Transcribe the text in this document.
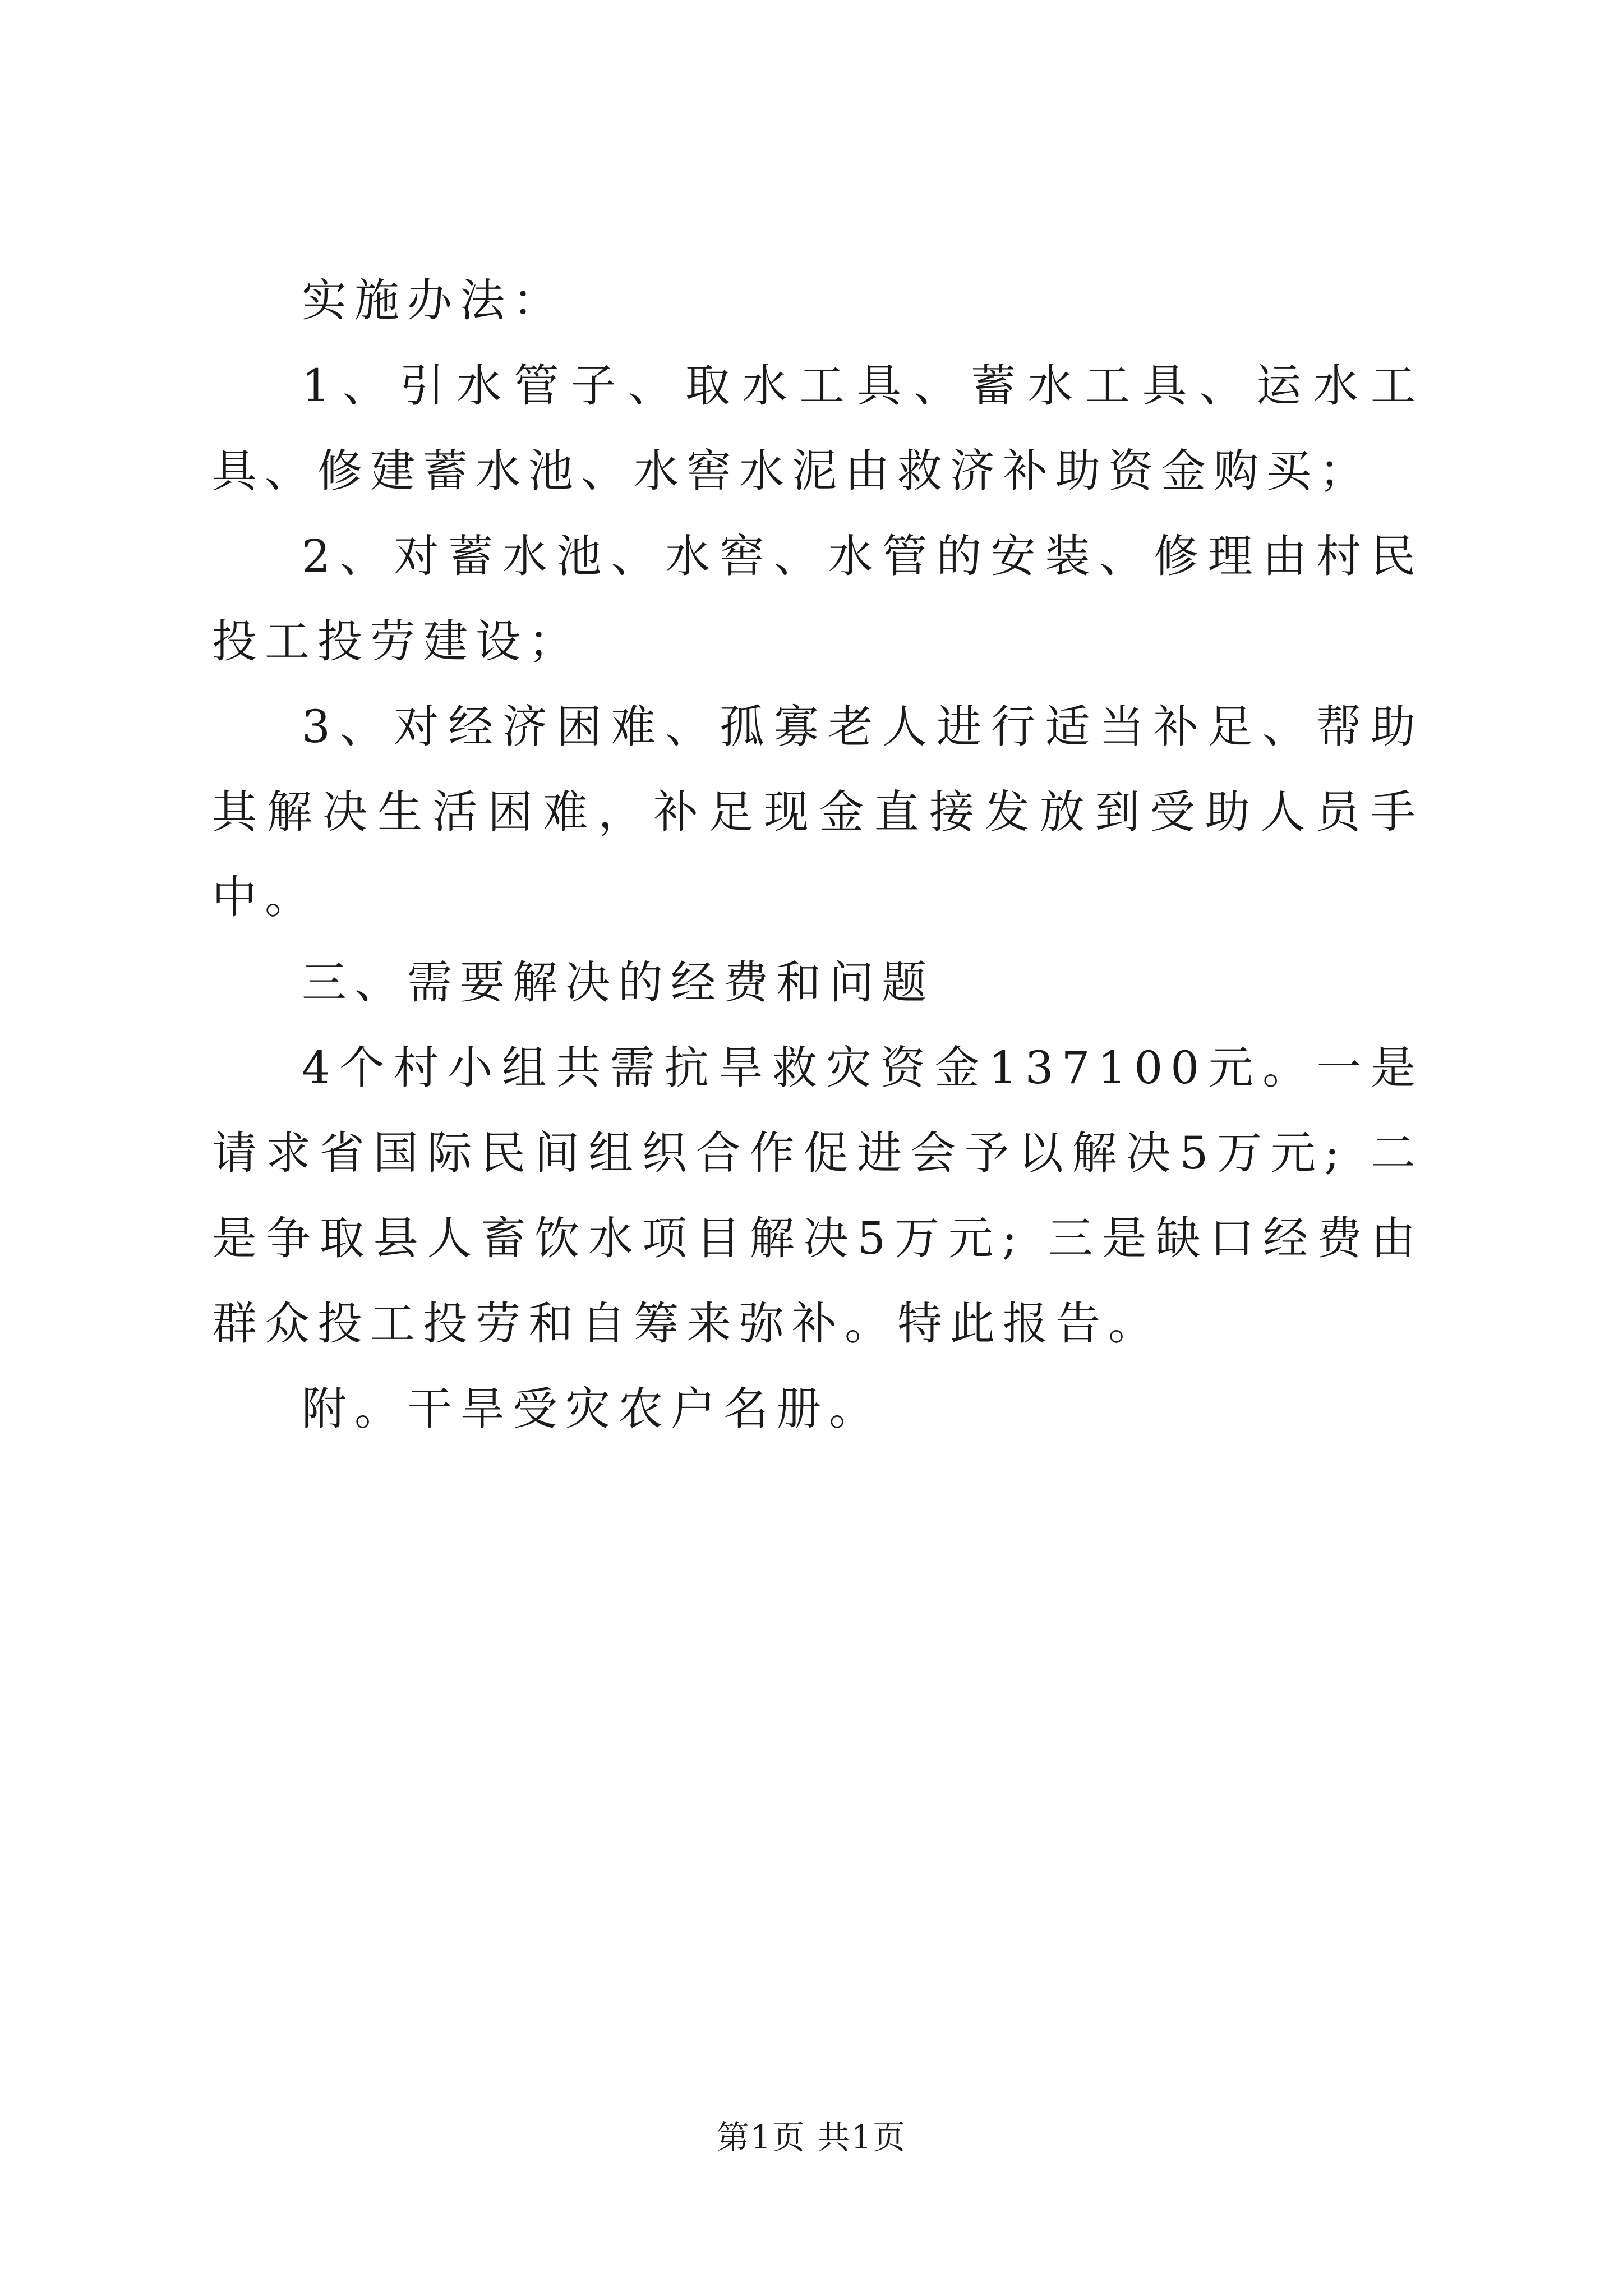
实施办法：

1、引水管子、取水工具、蓄水工具、运水工具、修建蓄水池、水窖水泥由救济补助资金购买；

2、对蓄水池、水窖、水管的安装、修理由村民投工投劳建设；

3、对经济困难、孤寡老人进行适当补足、帮助其解决生活困难，补足现金直接发放到受助人员手中。

三、需要解决的经费和问题

4个村小组共需抗旱救灾资金137100元。一是请求省国际民间组织合作促进会予以解决5万元; 二是争取县人畜饮水项目解决5万元; 三是缺口经费由群众投工投劳和自筹来弥补。特此报告。

附。干旱受灾农户名册。

第1页 共1页
